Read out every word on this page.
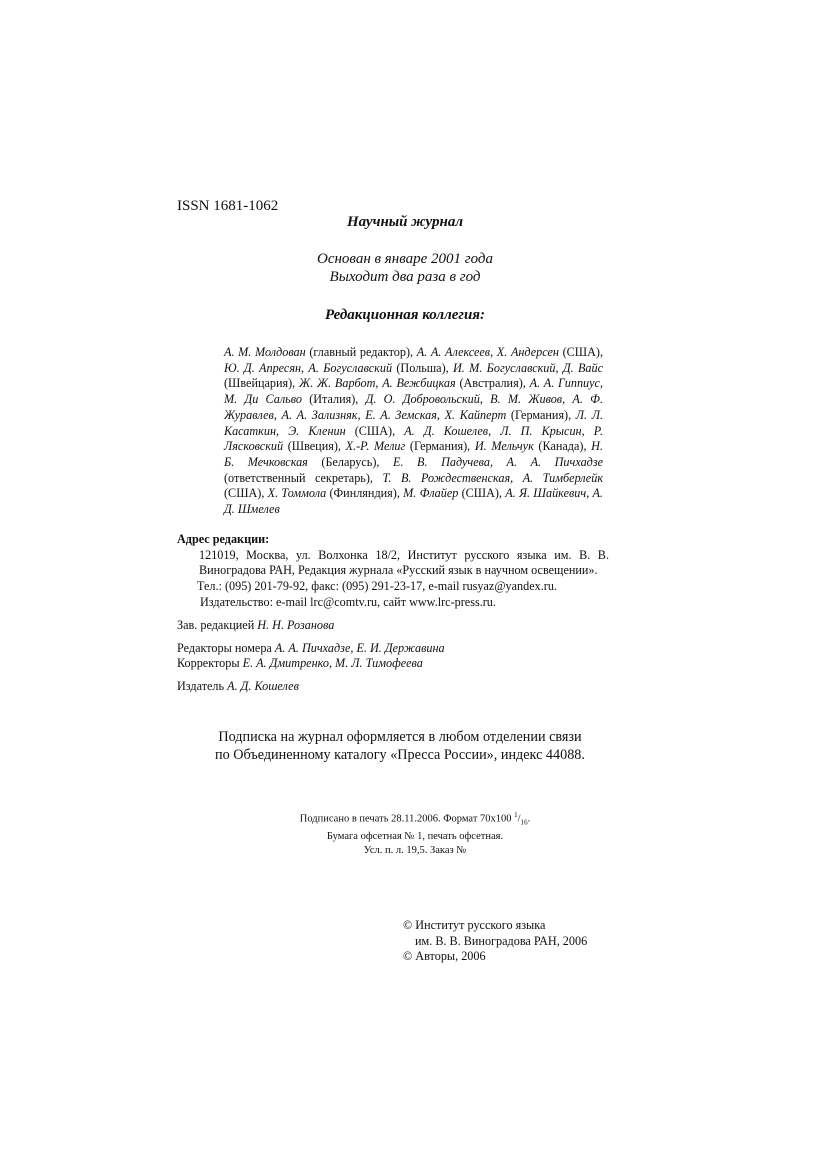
ISSN 1681-1062
Научный журнал
Основан в январе 2001 года
Выходит два раза в год
Редакционная коллегия:
А. М. Молдован (главный редактор), А. А. Алексеев, Х. Андерсен (США), Ю. Д. Апресян, А. Богуславский (Польша), И. М. Богуславский, Д. Вайс (Швейцария), Ж. Ж. Варбот, А. Вежбицкая (Австралия), А. А. Гиппиус, М. Ди Сальво (Италия), Д. О. Добровольский, В. М. Живов, А. Ф. Журавлев, А. А. Зализняк, Е. А. Земская, Х. Кайперт (Германия), Л. Л. Касаткин, Э. Кленин (США), А. Д. Кошелев, Л. П. Крысин, Р. Лясковский (Швеция), Х.-Р. Мелиг (Германия), И. Мельчук (Канада), Н. Б. Мечковская (Беларусь), Е. В. Падучева, А. А. Пичхадзе (ответственный секретарь), Т. В. Рождественская, А. Тимберлейк (США), Х. Томмола (Финляндия), М. Флайер (США), А. Я. Шайкевич, А. Д. Шмелев
Адрес редакции:
121019, Москва, ул. Волхонка 18/2, Институт русского языка им. В. В. Виноградова РАН, Редакция журнала «Русский язык в научном освещении».
Тел.: (095) 201-79-92, факс: (095) 291-23-17, e-mail rusyaz@yandex.ru.
Издательство: e-mail lrc@comtv.ru, сайт www.lrc-press.ru.
Зав. редакцией Н. Н. Розанова
Редакторы номера А. А. Пичхадзе, Е. И. Державина
Корректоры Е. А. Дмитренко, М. Л. Тимофеева
Издатель А. Д. Кошелев
Подписка на журнал оформляется в любом отделении связи
по Объединенному каталогу «Пресса России», индекс 44088.
Подписано в печать 28.11.2006. Формат 70х100 $^1/_{16}$.
Бумага офсетная № 1, печать офсетная.
Усл. п. л. 19,5. Заказ №
© Институт русского языка
им. В. В. Виноградова РАН, 2006
© Авторы, 2006
